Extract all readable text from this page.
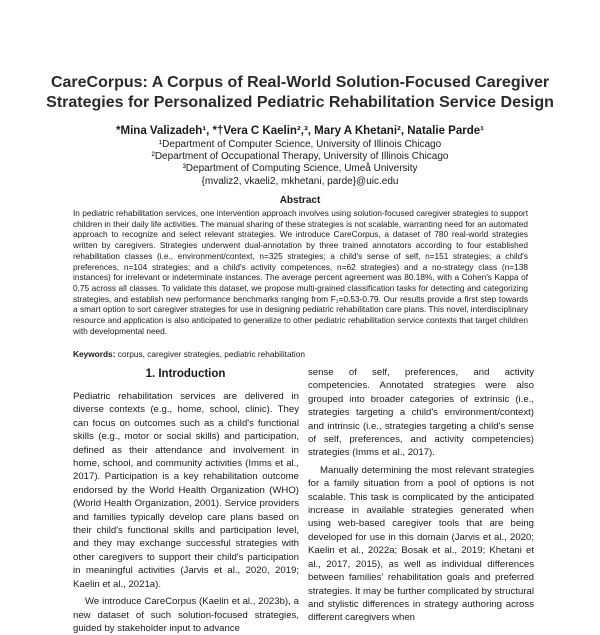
CareCorpus: A Corpus of Real-World Solution-Focused Caregiver
Strategies for Personalized Pediatric Rehabilitation Service Design
*Mina Valizadeh¹, *†Vera C Kaelin²,³, Mary A Khetani², Natalie Parde¹
¹Department of Computer Science, University of Illinois Chicago
²Department of Occupational Therapy, University of Illinois Chicago
³Department of Computing Science, Umeå University
{mvaliz2, vkaeli2, mkhetani, parde}@uic.edu
Abstract

In pediatric rehabilitation services, one intervention approach involves using solution-focused caregiver strategies to support children in their daily life activities. The manual sharing of these strategies is not scalable, warranting need for an automated approach to recognize and select relevant strategies. We introduce CareCorpus, a dataset of 780 real-world strategies written by caregivers. Strategies underwent dual-annotation by three trained annotators according to four established rehabilitation classes (i.e., environment/context, n=325 strategies; a child's sense of self, n=151 strategies; a child's preferences, n=104 strategies; and a child's activity competences, n=62 strategies) and a no-strategy class (n=138 instances) for irrelevant or indeterminate instances. The average percent agreement was 80.18%, with a Cohen's Kappa of 0.75 across all classes. To validate this dataset, we propose multi-grained classification tasks for detecting and categorizing strategies, and establish new performance benchmarks ranging from F₁=0.53-0.79. Our results provide a first step towards a smart option to sort caregiver strategies for use in designing pediatric rehabilitation care plans. This novel, interdisciplinary resource and application is also anticipated to generalize to other pediatric rehabilitation service contexts that target children with developmental need.

Keywords: corpus, caregiver strategies, pediatric rehabilitation

1. Introduction

Pediatric rehabilitation services are delivered in diverse contexts (e.g., home, school, clinic). They can focus on outcomes such as a child's functional skills (e.g., motor or social skills) and participation, defined as their attendance and involvement in home, school, and community activities (Imms et al., 2017). Participation is a key rehabilitation outcome endorsed by the World Health Organization (WHO) (World Health Organization, 2001). Service providers and families typically develop care plans based on their child's functional skills and participation level, and they may exchange successful strategies with other caregivers to support their child's participation in meaningful activities (Jarvis et al., 2020, 2019; Kaelin et al., 2021a).

We introduce CareCorpus (Kaelin et al., 2023b), a new dataset of such solution-focused strategies, guided by stakeholder input to advance

sense of self, preferences, and activity competencies. Annotated strategies were also grouped into broader categories of extrinsic (i.e., strategies targeting a child's environment/context) and intrinsic (i.e., strategies targeting a child's sense of self, preferences, and activity competencies) strategies (Imms et al., 2017).

Manually determining the most relevant strategies for a family situation from a pool of options is not scalable. This task is complicated by the anticipated increase in available strategies generated when using web-based caregiver tools that are being developed for use in this domain (Jarvis et al., 2020; Kaelin et al., 2022a; Bosak et al., 2019; Khetani et al., 2017, 2015), as well as individual differences between families' rehabilitation goals and preferred strategies. It may be further complicated by structural and stylistic differences in strategy authoring across different caregivers when
